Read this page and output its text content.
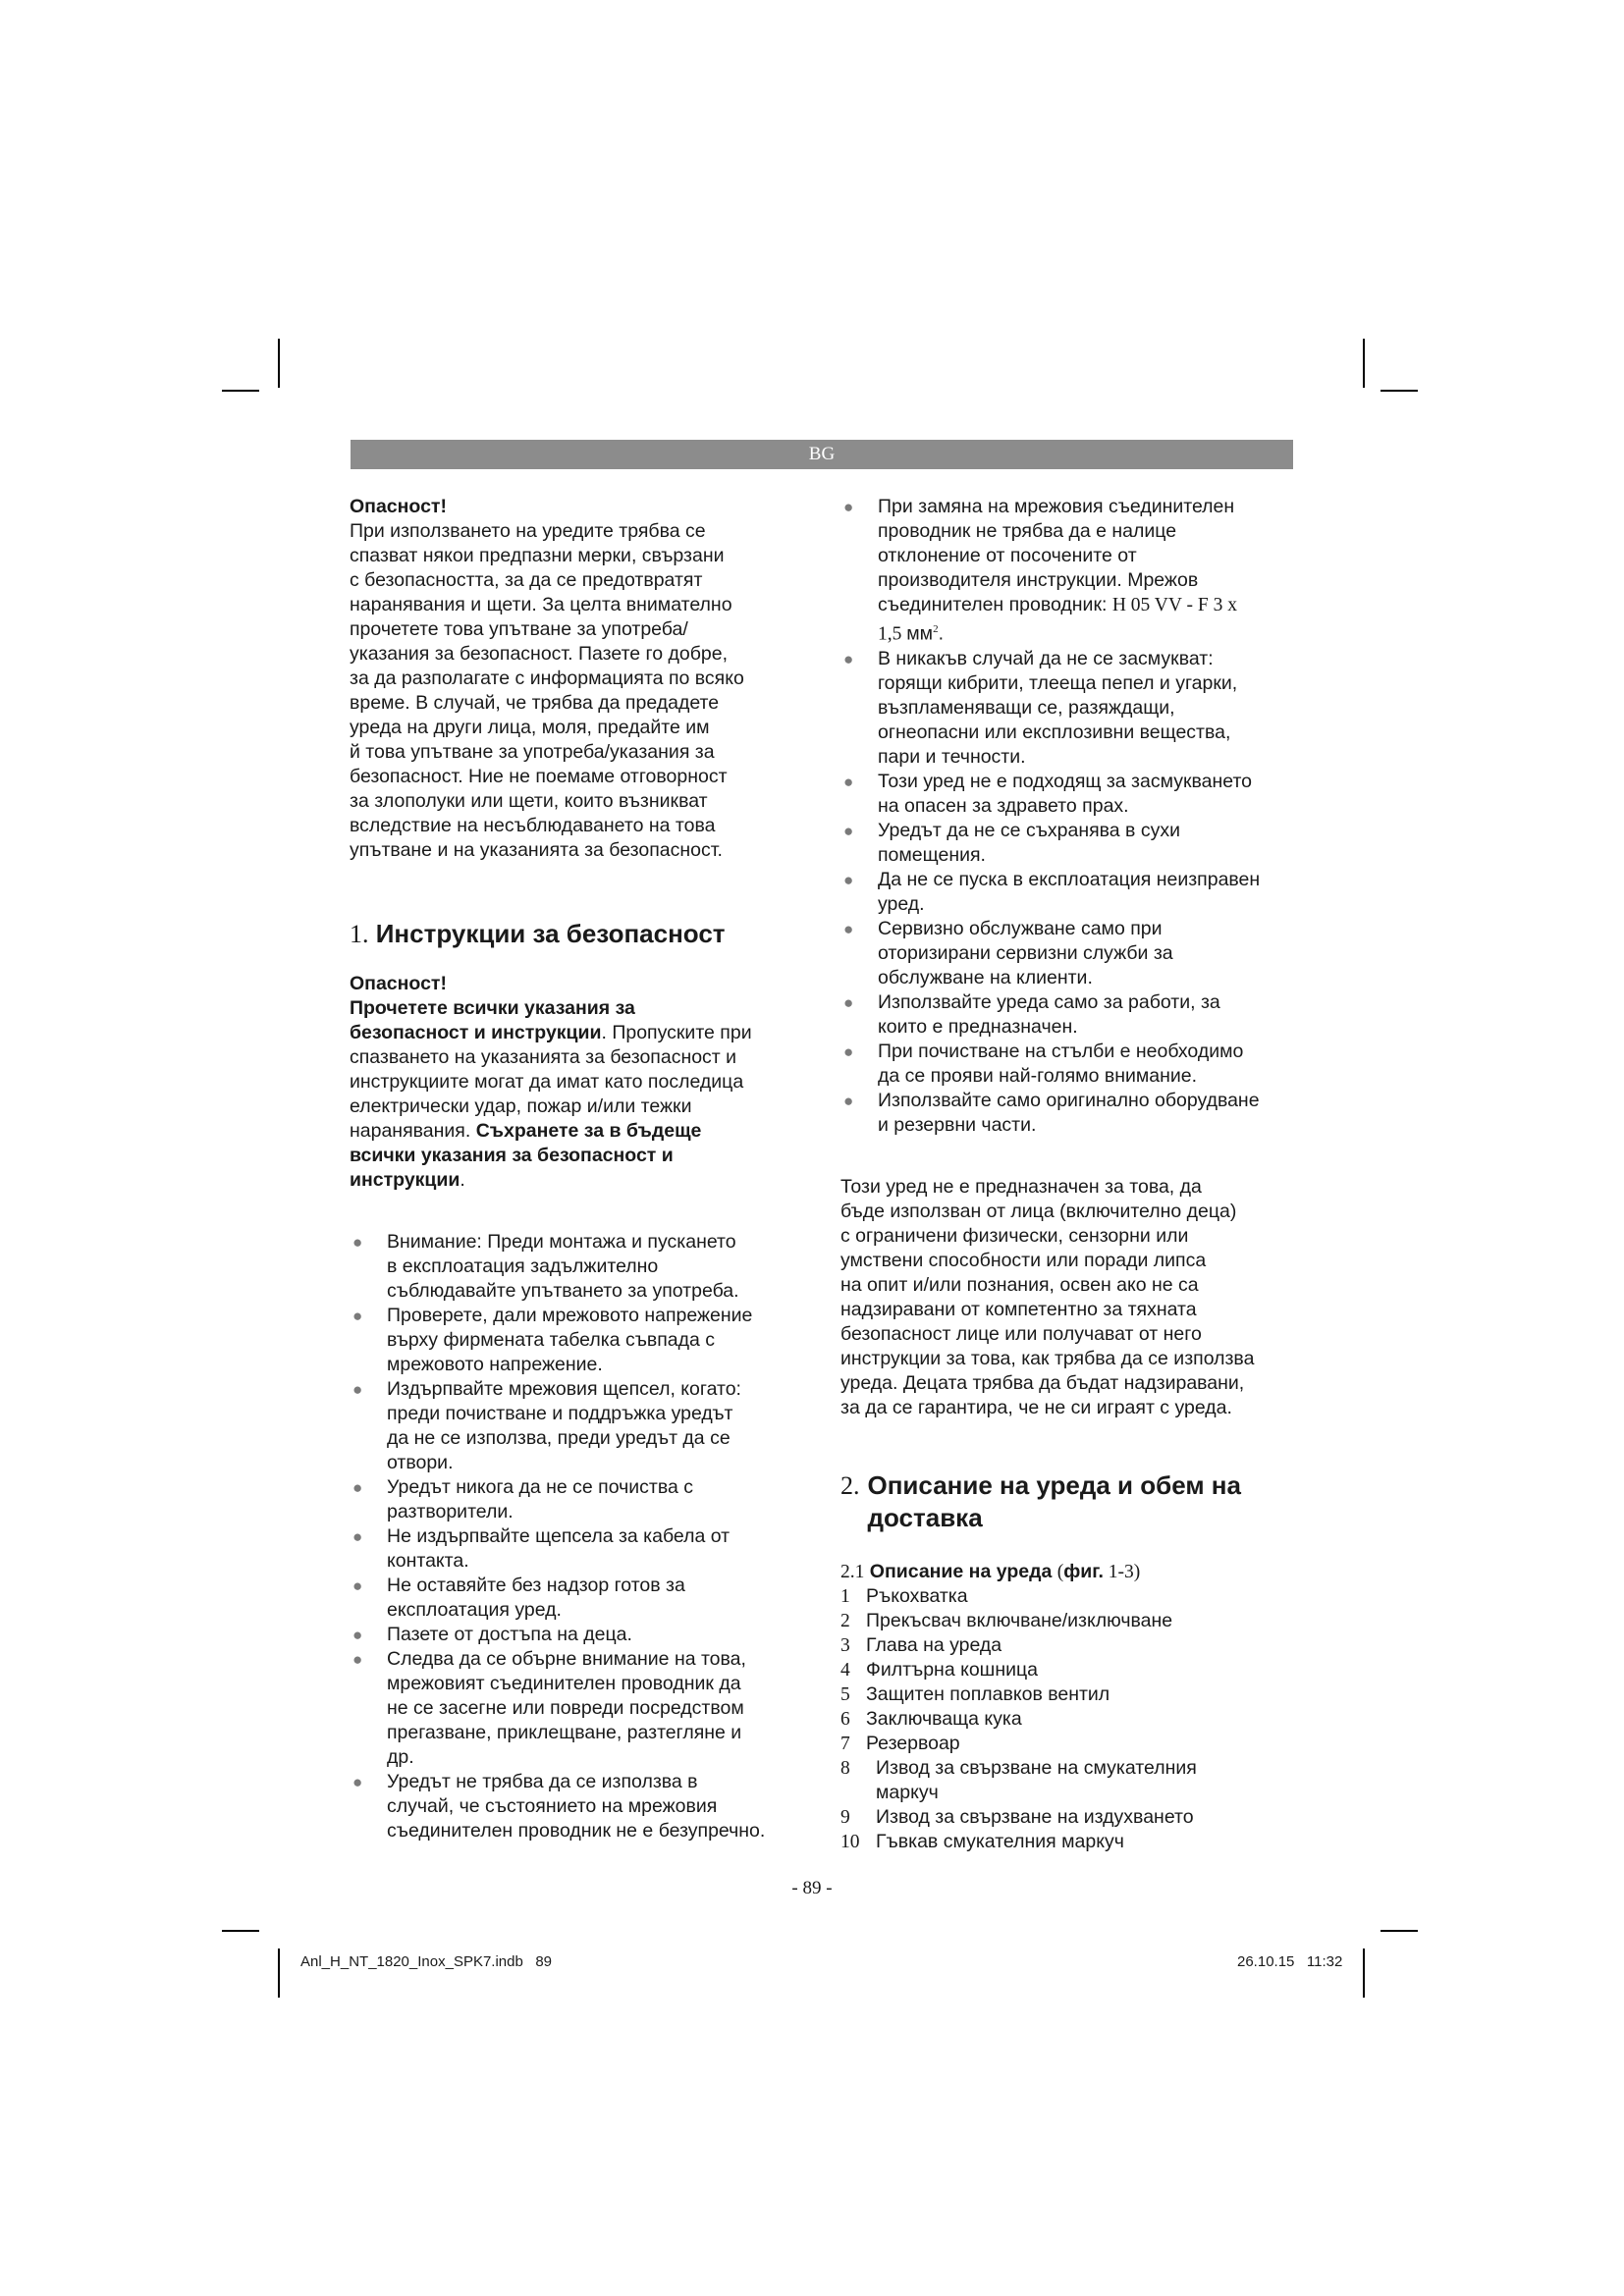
BG
Опасност!
При използването на уредите трябва се
спазват някои предпазни мерки, свързани
с безопасността, за да се предотвратят
наранявания и щети. За целта внимателно
прочетете това упътване за употреба/
указания за безопасност. Пазете го добре,
за да разполагате с информацията по всяко
време. В случай, че трябва да предадете
уреда на други лица, моля, предайте им
й това упътване за употреба/указания за
безопасност. Ние не поемаме отговорност
за злополуки или щети, които възникват
вследствие на несъблюдаването на това
упътване и на указанията за безопасност.
1. Инструкции за безопасност
Опасност!
Прочетете всички указания за
безопасност и инструкции. Пропуските при
спазването на указанията за безопасност и
инструкциите могат да имат като последица
електрически удар, пожар и/или тежки
наранявания. Съхранете за в бъдеще
всички указания за безопасност и
инструкции.
● Внимание: Преди монтажа и пускането
в експлоатация задължително
съблюдавайте упътването за употреба.
● Проверете, дали мрежовото напрежение
върху фирмената табелка съвпада с
мрежовото напрежение.
● Издърпвайте мрежовия щепсел, когато:
преди почистване и поддръжка уредът
да не се използва, преди уредът да се
отвори.
● Уредът никога да не се почиства с
разтворители.
● Не издърпвайте щепсела за кабела от
контакта.
● Не оставяйте без надзор готов за
експлоатация уред.
● Пазете от достъпа на деца.
● Следва да се обърне внимание на това,
мрежовият съединителен проводник да
не се засегне или повреди посредством
прегазване, приклещване, разтегляне и
др.
● Уредът не трябва да се използва в
случай, че състоянието на мрежовия
съединителен проводник не е безупречно.
● При замяна на мрежовия съединителен
проводник не трябва да е налице
отклонение от посочените от
производителя инструкции. Мрежов
съединителен проводник: H 05 VV - F 3 x
1,5 $мм^2$.
● В никакъв случай да не се засмукват:
горящи кибрити, тлееща пепел и угарки,
възпламеняващи се, разяждащи,
огнеопасни или експлозивни вещества,
пари и течности.
● Този уред не е подходящ за засмукването
на опасен за здравето прах.
● Уредът да не се съхранява в сухи
помещения.
● Да не се пуска в експлоатация неизправен
уред.
● Сервизно обслужване само при
оторизирани сервизни служби за
обслужване на клиенти.
● Използвайте уреда само за работи, за
които е предназначен.
● При почистване на стълби е необходимо
да се прояви най-голямо внимание.
● Използвайте само оригинално оборудване
и резервни части.
Този уред не е предназначен за това, да
бъде използван от лица (включително деца)
с ограничени физически, сензорни или
умствени способности или поради липса
на опит и/или познания, освен ако не са
надзиравани от компетентно за тяхната
безопасност лице или получават от него
инструкции за това, как трябва да се използва
уреда. Децата трябва да бъдат надзиравани,
за да се гарантира, че не си играят с уреда.
2. Описание на уреда и обем на
доставка
2.1 Описание на уреда (фиг. 1-3)
1 Ръкохватка
2 Прекъсвач включване/изключване
3 Глава на уреда
4 Филтърна кошница
5 Защитен поплавков вентил
6 Заключваща кука
7 Резервоар
8	Извод за свързване на смукателния
маркуч
9	Извод за свързване на издухването
10 Гъвкав смукателния маркуч
- 89 -
Anl_H_NT_1820_Inox_SPK7.indb   89	26.10.15   11:32
